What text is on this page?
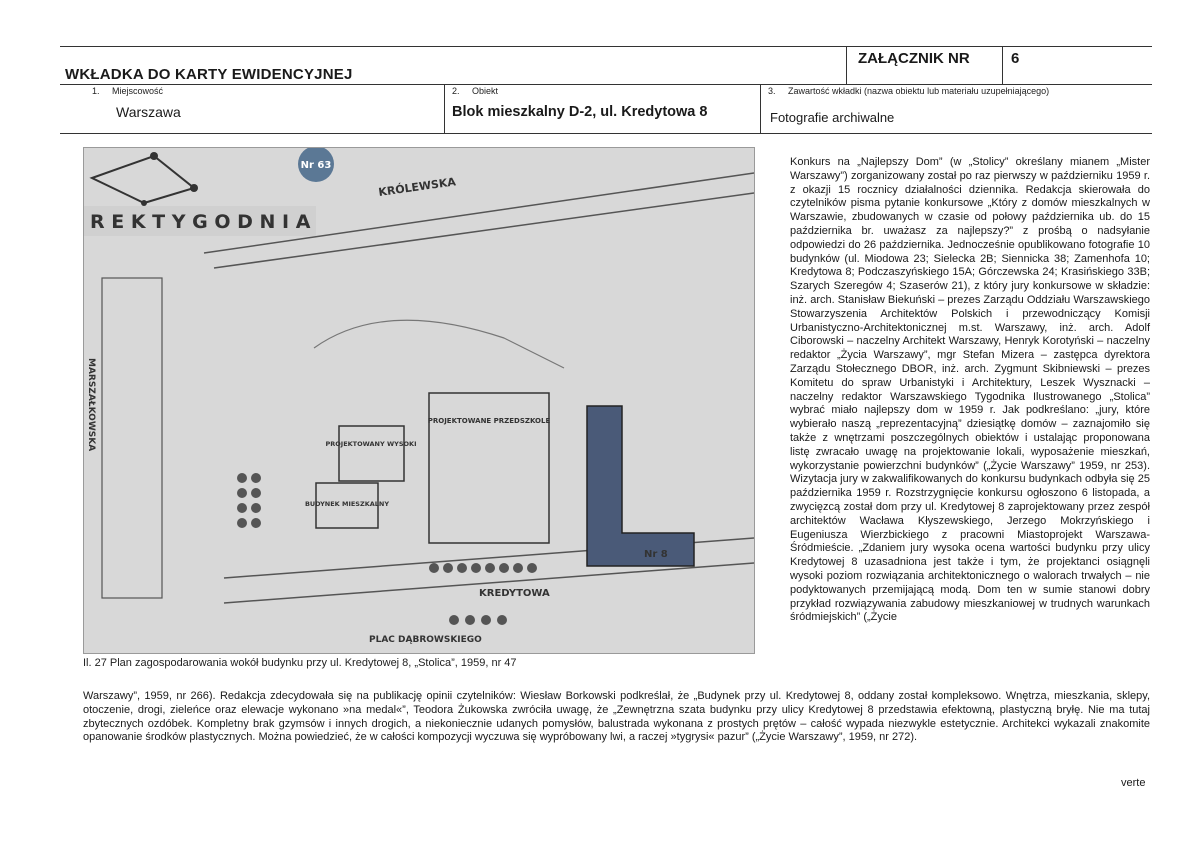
WKŁADKA DO KARTY EWIDENCYJNEJ
ZAŁĄCZNIK NR	6
1.     Miejscowość
Warszawa
2.     Obiekt
Blok mieszkalny D-2, ul. Kredytowa 8
3.     Zawartość wkładki (nazwa obiektu lub materiału uzupełniającego)
Fotografie archiwalne
R E K T Y G O D N I A
Nr 63
KRÓLEWSKA
MARSZAŁKOWSKA
KREDYTOWA
PLAC DĄBROWSKIEGO
PROJEKTOWANY WYSOKI
BUDYNEK MIESZKALNY
PROJEKTOWANE PRZEDSZKOLE
Nr 8
Il. 27 Plan zagospodarowania wokół budynku przy ul. Kredytowej 8, „Stolica”, 1959, nr 47
Konkurs na „Najlepszy Dom” (w „Stolicy” określany mianem „Mister Warszawy”) zorganizowany został po raz pierwszy w październiku 1959 r. z okazji 15 rocznicy działalności dziennika. Redakcja skierowała do czytelników pisma pytanie konkursowe „Który z domów mieszkalnych w Warszawie, zbudowanych w czasie od połowy października ub. do 15 października br. uważasz za najlepszy?” z prośbą o nadsyłanie odpowiedzi do 26 października. Jednocześnie opublikowano fotografie 10 budynków (ul. Miodowa 23; Sielecka 2B; Siennicka 38; Zamenhofa 10; Kredytowa 8; Podczaszyńskiego 15A; Górczewska 24; Krasińskiego 33B; Szarych Szeregów 4; Szaserów 21), z który jury konkursowe w składzie: inż. arch. Stanisław Biekuński – prezes Zarządu Oddziału Warszawskiego Stowarzyszenia Architektów Polskich i przewodniczący Komisji Urbanistyczno-Architektonicznej m.st. Warszawy, inż. arch. Adolf Ciborowski – naczelny Architekt Warszawy, Henryk Korotyński – naczelny redaktor „Życia Warszawy”, mgr Stefan Mizera – zastępca dyrektora Zarządu Stołecznego DBOR, inż. arch. Zygmunt Skibniewski – prezes Komitetu do spraw Urbanistyki i Architektury, Leszek Wysznacki – naczelny redaktor Warszawskiego Tygodnika Ilustrowanego „Stolica” wybrać miało najlepszy dom w 1959 r. Jak podkreślano: „jury, które wybierało naszą „reprezentacyjną” dziesiątkę domów – zaznajomiło się także z wnętrzami poszczególnych obiektów i ustalając proponowana listę zwracało uwagę na projektowanie lokali, wyposażenie mieszkań, wykorzystanie powierzchni budynków” („Życie Warszawy” 1959, nr 253). Wizytacja jury w zakwalifikowanych do konkursu budynkach odbyła się 25 października 1959 r. Rozstrzygnięcie konkursu ogłoszono 6 listopada, a zwycięzcą został dom przy ul. Kredytowej 8 zaprojektowany przez zespół architektów Wacława Kłyszewskiego, Jerzego Mokrzyńskiego i Eugeniusza Wierzbickiego z pracowni Miastoprojekt Warszawa-Śródmieście. „Zdaniem jury wysoka ocena wartości budynku przy ulicy Kredytowej 8 uzasadniona jest także i tym, że projektanci osiągnęli wysoki poziom rozwiązania architektonicznego o walorach trwałych – nie podyktowanych przemijającą modą. Dom ten w sumie stanowi dobry przykład rozwiązywania zabudowy mieszkaniowej w trudnych warunkach śródmiejskich” („Życie
Warszawy”, 1959, nr 266). Redakcja zdecydowała się na publikację opinii czytelników: Wiesław Borkowski podkreślał, że „Budynek przy ul. Kredytowej 8, oddany został kompleksowo. Wnętrza, mieszkania, sklepy, otoczenie, drogi, zieleńce oraz elewacje wykonano »na medal«”, Teodora Żukowska zwróciła uwagę, że „Zewnętrzna szata budynku przy ulicy Kredytowej 8 przedstawia efektowną, plastyczną bryłę. Nie ma tutaj zbytecznych ozdóbek. Kompletny brak gzymsów i innych drogich, a niekoniecznie udanych pomysłów, balustrada wykonana z prostych prętów – całość wypada niezwykle estetycznie. Architekci wykazali znakomite opanowanie środków plastycznych. Można powiedzieć, że w całości kompozycji wyczuwa się wypróbowany lwi, a raczej »tygrysi« pazur” („Życie Warszawy”, 1959, nr 272).
verte
